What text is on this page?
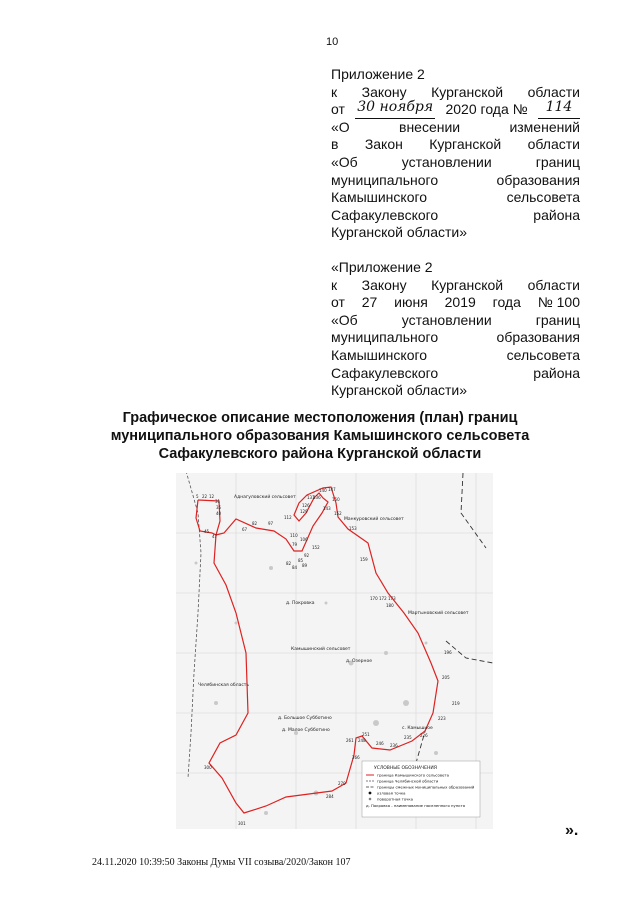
10
Приложение 2
к Закону Курганской области
от 30 ноября 2020 года №	114
«О	внесении	изменений
в Закон Курганской области
«Об	установлении	границ
муниципального	образования
Камышинского	сельсовета
Сафакулевского	района
Курганской области»
«Приложение 2
к Закону Курганской области
от 27 июня 2019 года № 100
«Об	установлении	границ
муниципального	образования
Камышинского	сельсовета
Сафакулевского	района
Курганской области»
Графическое описание местоположения (план) границ
муниципального образования Камышинского сельсовета
Сафакулевского района Курганской области
Аднагуловский сельсовет
Манкуровский сельсовет
Мартыновский сельсовет
Камышинский сельсовет
Челябинская область
д. Покровка
д. Озерное
с. Камышное
д. Большое Субботино
д. Малое Субботино
5 22 12
31
35
40
45
47
67
82	97
112
110
126
129
131
136
140
143
147
150
152
153
159
106
152
79
85
84 89
82
92
170 172 173
180
196
205
219
223
226
235
236
246
248
251
261
266
270
284
300
301
УСЛОВНЫЕ ОБОЗНАЧЕНИЯ
граница Камышинского сельсовета
граница Челябинской области
границы смежных муниципальных образований
узловая точка
поворотная точка
д. Покровка - наименование населенного пункта
».
24.11.2020 10:39:50 Законы Думы VII созыва/2020/Закон 107
